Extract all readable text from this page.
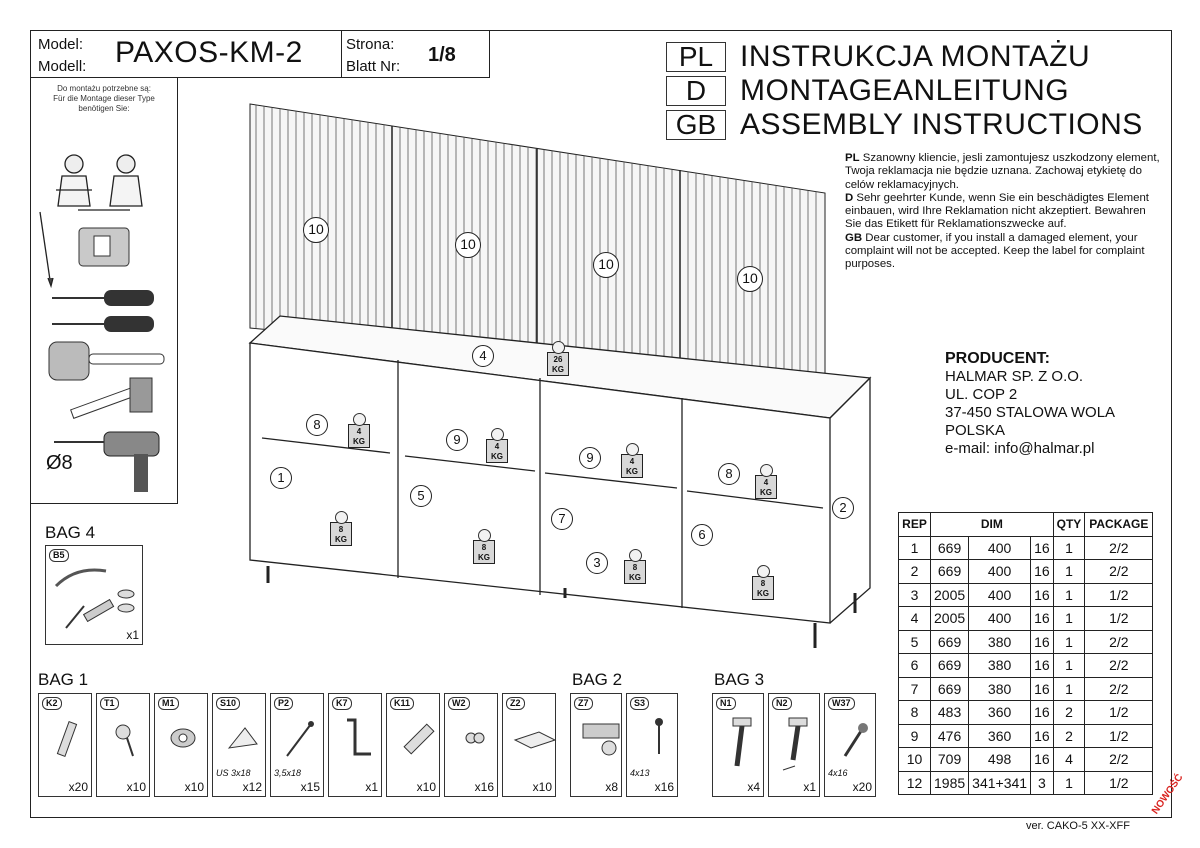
Model:
Modell: PAXOS-KM-2	Strona:
Blatt Nr:
1/8	PL INSTRUKCJA MONTAŻU
D	MONTAGEANLEITUNG
GB ASSEMBLY INSTRUCTIONS
Do montażu potrzebne są:
Für die Montage dieser Type benötigen Sie:
Ø8
PL Szanowny kliencie, jesli zamontujesz uszkodzony element, Twoja reklamacja nie będzie uznana. Zachowaj etykietę do celów reklamacyjnych.
D Sehr geehrter Kunde, wenn Sie ein beschädigtes Element einbauen, wird Ihre Reklamation nicht akzeptiert. Bewahren Sie das Etikett für Reklamationszwecke auf.
GB Dear customer, if you install a damaged element, your complaint will not be accepted. Keep the label for complaint purposes.
PRODUCENT:
HALMAR SP. Z O.O.
UL. COP 2
37-450 STALOWA WOLA
POLSKA
e-mail: info@halmar.pl
10
10
10
10
4
8
9
9
8
1
5
7
6
2
3
26
KG
4
KG
4
KG
4
KG
4
KG
8
KG
8
KG
8
KG
8
KG
REP	DIM			QTY	PACKAGE
1	669	400	16	1	2/2
2	669	400	16	1	2/2
3	2005	400	16	1	1/2
4	2005	400	16	1	1/2
5	669	380	16	1	2/2
6	669	380	16	1	2/2
7	669	380	16	1	2/2
8	483	360	16	2	1/2
9	476	360	16	2	1/2
10	709	498	16	4	2/2
12	1985	341+341	3	1	1/2
BAG 4
B5
x1
BAG 1
K2
x20
T1
x10
M1
x10
S10
US 3x18
x12
P2
3,5x18
x15
K7
x1
K11
x10
W2
x16
Z2
x10
BAG 2
Z7
x8
S3
4x13
x16
BAG 3
N1
x4
N2
x1
W37
4x16
x20
ver. CAKO-5 XX-XFF
NOWOŚĆ
